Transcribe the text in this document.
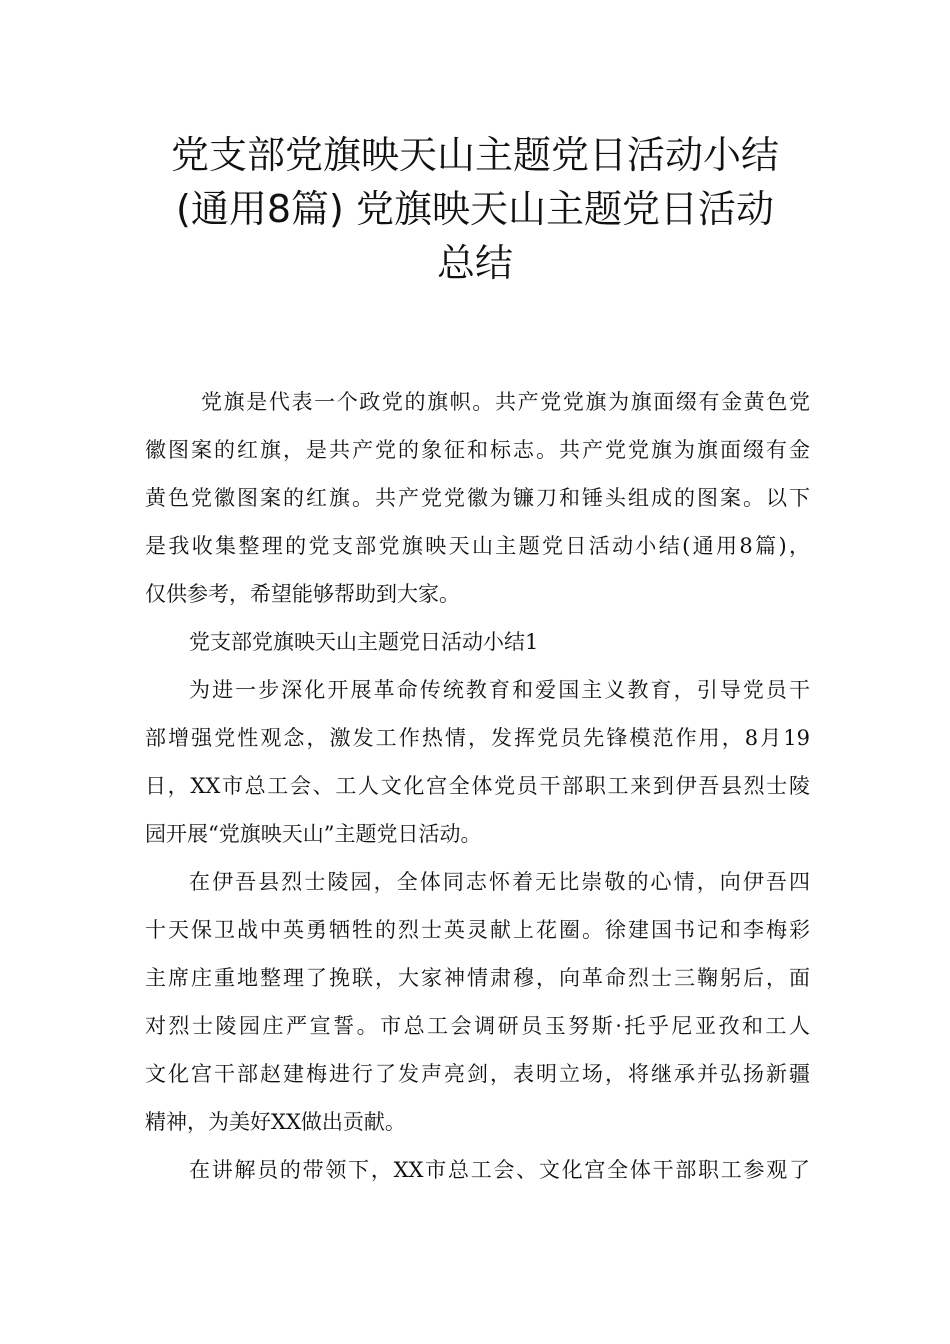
党支部党旗映天山主题党日活动小结
(通用8篇) 党旗映天山主题党日活动
总结
党旗是代表一个政党的旗帜。共产党党旗为旗面缀有金黄色党
徽图案的红旗，是共产党的象征和标志。共产党党旗为旗面缀有金
黄色党徽图案的红旗。共产党党徽为镰刀和锤头组成的图案。以下
是我收集整理的党支部党旗映天山主题党日活动小结(通用8篇)，
仅供参考，希望能够帮助到大家。
党支部党旗映天山主题党日活动小结1
为进一步深化开展革命传统教育和爱国主义教育，引导党员干
部增强党性观念，激发工作热情，发挥党员先锋模范作用，8月19
日，XX市总工会、工人文化宫全体党员干部职工来到伊吾县烈士陵
园开展“党旗映天山”主题党日活动。
在伊吾县烈士陵园，全体同志怀着无比崇敬的心情，向伊吾四
十天保卫战中英勇牺牲的烈士英灵献上花圈。徐建国书记和李梅彩
主席庄重地整理了挽联，大家神情肃穆，向革命烈士三鞠躬后，面
对烈士陵园庄严宣誓。市总工会调研员玉努斯·托乎尼亚孜和工人
文化宫干部赵建梅进行了发声亮剑，表明立场，将继承并弘扬新疆
精神，为美好XX做出贡献。
在讲解员的带领下，XX市总工会、文化宫全体干部职工参观了
